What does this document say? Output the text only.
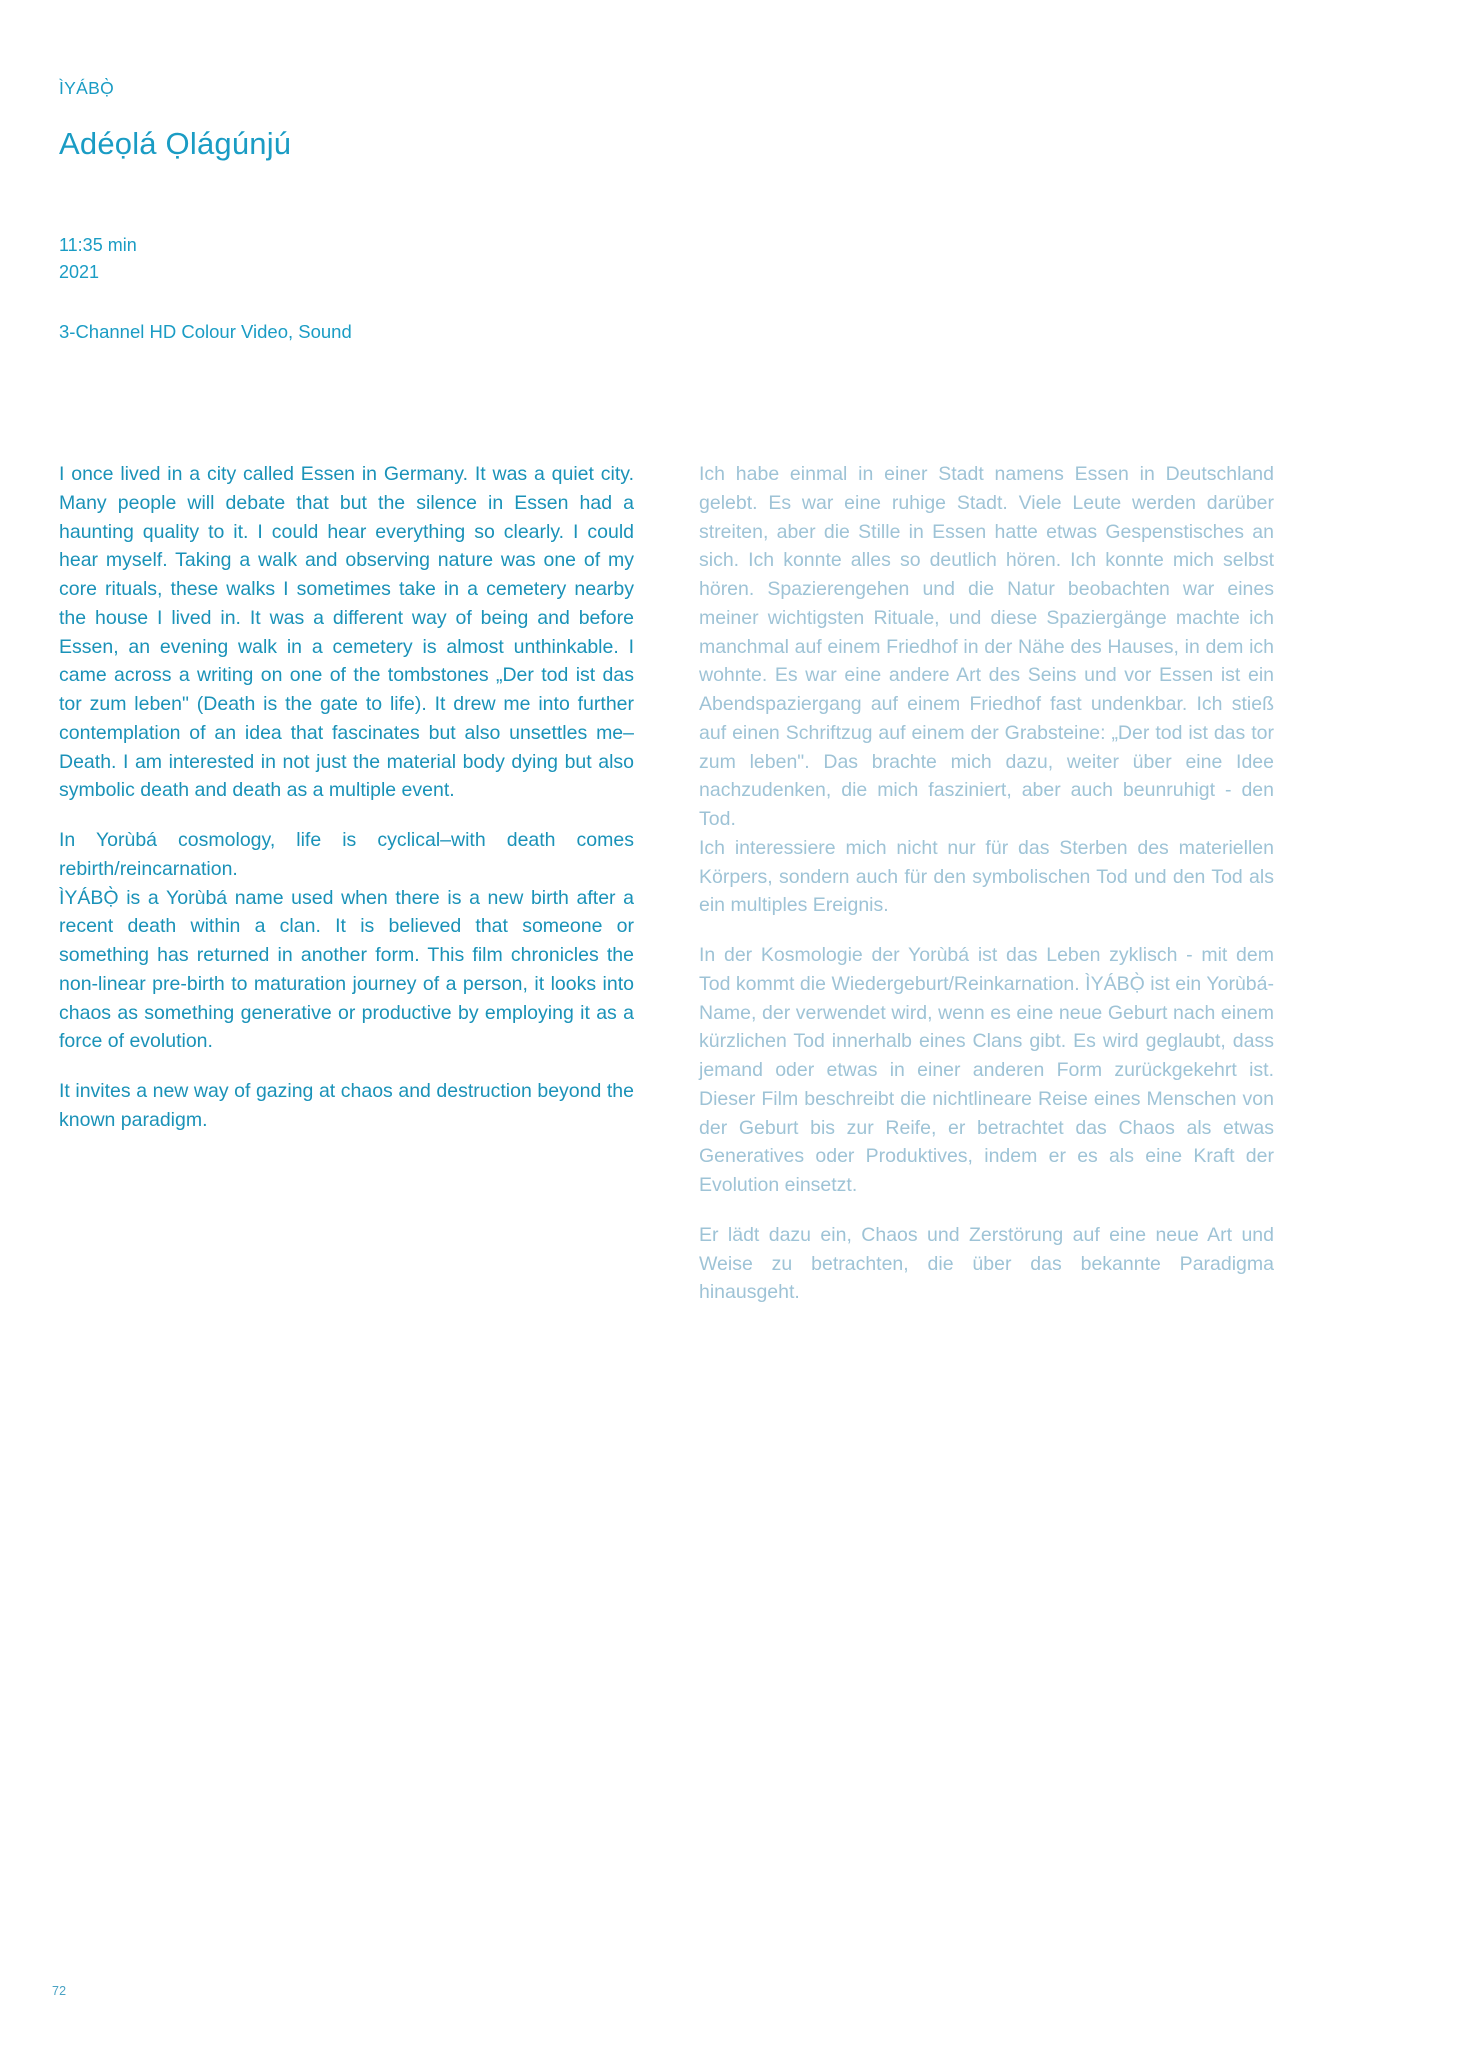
ÌYÁBỌ̀
Adéọlá Ọlágúnjú
11:35 min
2021
3-Channel HD Colour Video, Sound

I once lived in a city called Essen in Germany. It was a quiet city. Many people will debate that but the silence in Essen had a haunting quality to it. I could hear everything so clearly. I could hear myself. Taking a walk and observing nature was one of my core rituals, these walks I sometimes take in a cemetery nearby the house I lived in. It was a different way of being and before Essen, an evening walk in a cemetery is almost unthinkable. I came across a writing on one of the tombstones „Der tod ist das tor zum leben" (Death is the gate to life). It drew me into further contemplation of an idea that fascinates but also unsettles me–Death. I am interested in not just the material body dying but also symbolic death and death as a multiple event.

In Yorùbá cosmology, life is cyclical–with death comes rebirth/reincarnation.

ÌYÁBỌ̀ is a Yorùbá name used when there is a new birth after a recent death within a clan. It is believed that someone or something has returned in another form. This film chronicles the non-linear pre-birth to maturation journey of a person, it looks into chaos as something generative or productive by employing it as a force of evolution.

It invites a new way of gazing at chaos and destruction beyond the known paradigm.

Ich habe einmal in einer Stadt namens Essen in Deutschland gelebt. Es war eine ruhige Stadt. Viele Leute werden darüber streiten, aber die Stille in Essen hatte etwas Gespenstisches an sich. Ich konnte alles so deutlich hören. Ich konnte mich selbst hören. Spazierengehen und die Natur beobachten war eines meiner wichtigsten Rituale, und diese Spaziergänge machte ich manchmal auf einem Friedhof in der Nähe des Hauses, in dem ich wohnte. Es war eine andere Art des Seins und vor Essen ist ein Abendspaziergang auf einem Friedhof fast undenkbar. Ich stieß auf einen Schriftzug auf einem der Grabsteine: „Der tod ist das tor zum leben". Das brachte mich dazu, weiter über eine Idee nachzudenken, die mich fasziniert, aber auch beunruhigt - den Tod.

Ich interessiere mich nicht nur für das Sterben des materiellen Körpers, sondern auch für den symbolischen Tod und den Tod als ein multiples Ereignis.

In der Kosmologie der Yorùbá ist das Leben zyklisch - mit dem Tod kommt die Wiedergeburt/Reinkarnation. ÌYÁBỌ̀ ist ein Yorùbá-Name, der verwendet wird, wenn es eine neue Geburt nach einem kürzlichen Tod innerhalb eines Clans gibt. Es wird geglaubt, dass jemand oder etwas in einer anderen Form zurückgekehrt ist. Dieser Film beschreibt die nichtlineare Reise eines Menschen von der Geburt bis zur Reife, er betrachtet das Chaos als etwas Generatives oder Produktives, indem er es als eine Kraft der Evolution einsetzt.

Er lädt dazu ein, Chaos und Zerstörung auf eine neue Art und Weise zu betrachten, die über das bekannte Paradigma hinausgeht.

72
